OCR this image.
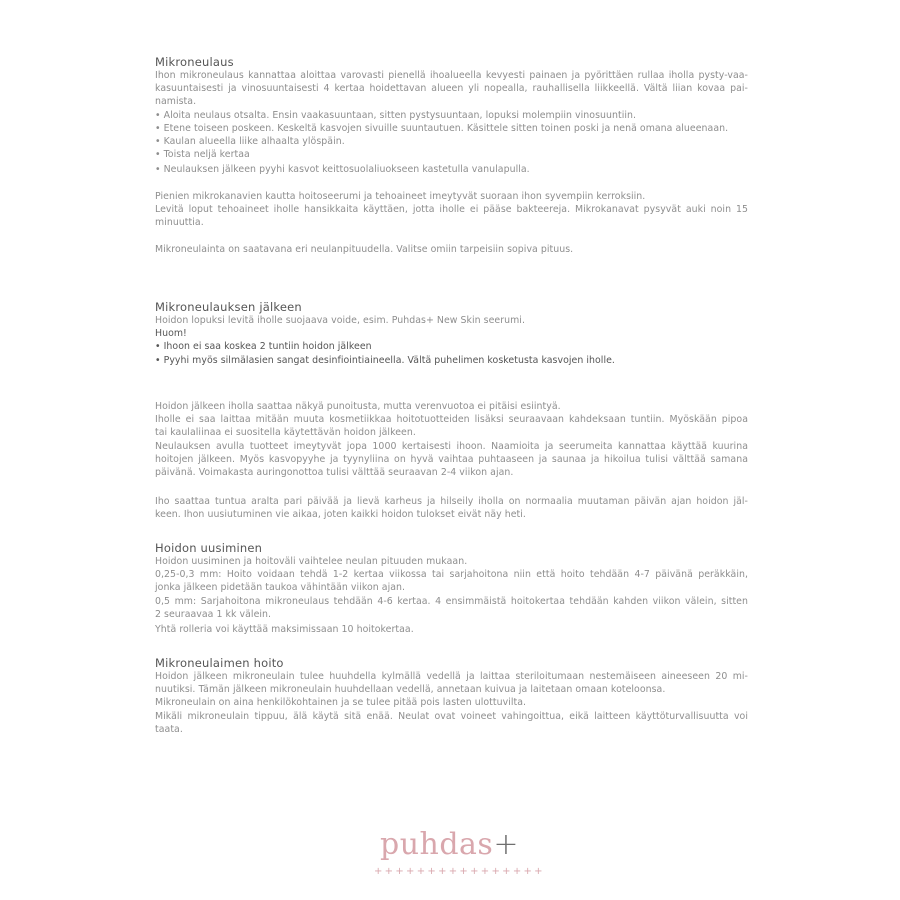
Mikroneulaus

Ihon mikroneulaus kannattaa aloittaa varovasti pienellä ihoalueella kevyesti painaen ja pyörittäen rullaa iholla pysty-vaa-

kasuuntaisesti ja vinosuuntaisesti 4 kertaa hoidettavan alueen yli nopealla, rauhallisella liikkeellä. Vältä liian kovaa pai-

namista.

• Aloita neulaus otsalta. Ensin vaakasuuntaan, sitten pystysuuntaan, lopuksi molempiin vinosuuntiin.

• Etene toiseen poskeen. Keskeltä kasvojen sivuille suuntautuen. Käsittele sitten toinen poski ja nenä omana alueenaan.

• Kaulan alueella liike alhaalta ylöspäin.

• Toista neljä kertaa

• Neulauksen jälkeen pyyhi kasvot keittosuolaliuokseen kastetulla vanulapulla.

Pienien mikrokanavien kautta hoitoseerumi ja tehoaineet imeytyvät suoraan ihon syvempiin kerroksiin.

Levitä loput tehoaineet iholle hansikkaita käyttäen, jotta iholle ei pääse bakteereja. Mikrokanavat pysyvät auki noin 15

minuuttia.

Mikroneulainta on saatavana eri neulanpituudella. Valitse omiin tarpeisiin sopiva pituus.

Mikroneulauksen jälkeen

Hoidon lopuksi levitä iholle suojaava voide, esim. Puhdas+ New Skin seerumi.

Huom!

• Ihoon ei saa koskea 2 tuntiin hoidon jälkeen

• Pyyhi myös silmälasien sangat desinfiointiaineella. Vältä puhelimen kosketusta kasvojen iholle.

Hoidon jälkeen iholla saattaa näkyä punoitusta, mutta verenvuotoa ei pitäisi esiintyä.

Iholle ei saa laittaa mitään muuta kosmetiikkaa hoitotuotteiden lisäksi seuraavaan kahdeksaan tuntiin. Myöskään pipoa

tai kaulaliinaa ei suositella käytettävän hoidon jälkeen.

Neulauksen avulla tuotteet imeytyvät jopa 1000 kertaisesti ihoon. Naamioita ja seerumeita kannattaa käyttää kuurina

hoitojen jälkeen. Myös kasvopyyhe ja tyynyliina on hyvä vaihtaa puhtaaseen ja saunaa ja hikoilua tulisi välttää samana

päivänä. Voimakasta auringonottoa tulisi välttää seuraavan 2-4 viikon ajan.

Iho saattaa tuntua aralta pari päivää ja lievä karheus ja hilseily iholla on normaalia muutaman päivän ajan hoidon jäl-

keen. Ihon uusiutuminen vie aikaa, joten kaikki hoidon tulokset eivät näy heti.

Hoidon uusiminen

Hoidon uusiminen ja hoitoväli vaihtelee neulan pituuden mukaan.

0,25-0,3 mm: Hoito voidaan tehdä 1-2 kertaa viikossa tai sarjahoitona niin että hoito tehdään 4-7 päivänä peräkkäin,

jonka jälkeen pidetään taukoa vähintään viikon ajan.

0,5 mm: Sarjahoitona mikroneulaus tehdään 4-6 kertaa. 4 ensimmäistä hoitokertaa tehdään kahden viikon välein, sitten

2 seuraavaa 1 kk välein.

Yhtä rolleria voi käyttää maksimissaan 10 hoitokertaa.

Mikroneulaimen hoito

Hoidon jälkeen mikroneulain tulee huuhdella kylmällä vedellä ja laittaa steriloitumaan nestemäiseen aineeseen 20 mi-

nuutiksi. Tämän jälkeen mikroneulain huuhdellaan vedellä, annetaan kuivua ja laitetaan omaan koteloonsa.

Mikroneulain on aina henkilökohtainen ja se tulee pitää pois lasten ulottuvilta.

Mikäli mikroneulain tippuu, älä käytä sitä enää. Neulat ovat voineet vahingoittua, eikä laitteen käyttöturvallisuutta voi

taata.

puhdas+
++++++++++++++++
